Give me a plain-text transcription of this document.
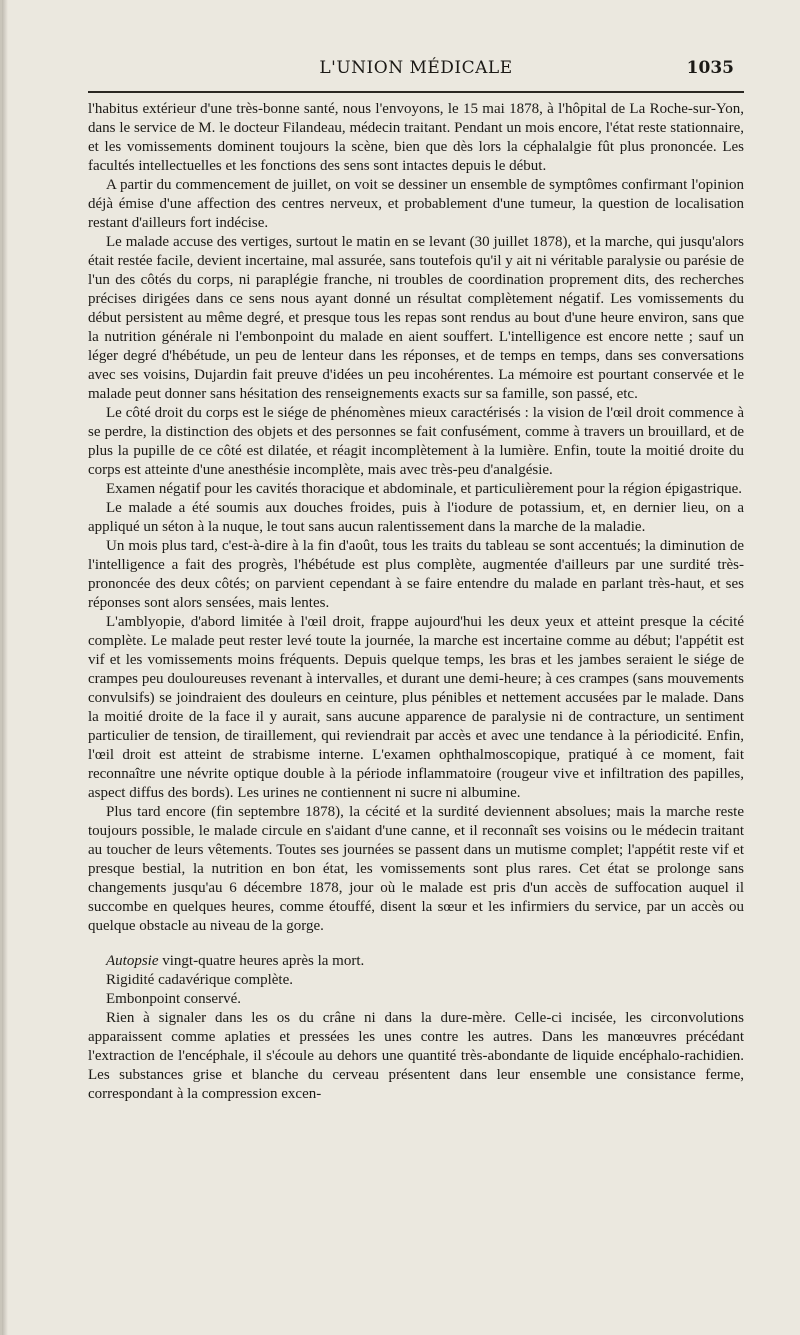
L'UNION MÉDICALE	1035

l'habitus extérieur d'une très-bonne santé, nous l'envoyons, le 15 mai 1878, à l'hôpital de La Roche-sur-Yon, dans le service de M. le docteur Filandeau, médecin traitant. Pendant un mois encore, l'état reste stationnaire, et les vomissements dominent toujours la scène, bien que dès lors la céphalalgie fût plus prononcée. Les facultés intellectuelles et les fonctions des sens sont intactes depuis le début.

A partir du commencement de juillet, on voit se dessiner un ensemble de symptômes confirmant l'opinion déjà émise d'une affection des centres nerveux, et probablement d'une tumeur, la question de localisation restant d'ailleurs fort indécise.

Le malade accuse des vertiges, surtout le matin en se levant (30 juillet 1878), et la marche, qui jusqu'alors était restée facile, devient incertaine, mal assurée, sans toutefois qu'il y ait ni véritable paralysie ou parésie de l'un des côtés du corps, ni paraplégie franche, ni troubles de coordination proprement dits, des recherches précises dirigées dans ce sens nous ayant donné un résultat complètement négatif. Les vomissements du début persistent au même degré, et presque tous les repas sont rendus au bout d'une heure environ, sans que la nutrition générale ni l'embonpoint du malade en aient souffert. L'intelligence est encore nette ; sauf un léger degré d'hébétude, un peu de lenteur dans les réponses, et de temps en temps, dans ses conversations avec ses voisins, Dujardin fait preuve d'idées un peu incohérentes. La mémoire est pourtant conservée et le malade peut donner sans hésitation des renseignements exacts sur sa famille, son passé, etc.

Le côté droit du corps est le siége de phénomènes mieux caractérisés : la vision de l'œil droit commence à se perdre, la distinction des objets et des personnes se fait confusément, comme à travers un brouillard, et de plus la pupille de ce côté est dilatée, et réagit incomplètement à la lumière. Enfin, toute la moitié droite du corps est atteinte d'une anesthésie incomplète, mais avec très-peu d'analgésie.

Examen négatif pour les cavités thoracique et abdominale, et particulièrement pour la région épigastrique.

Le malade a été soumis aux douches froides, puis à l'iodure de potassium, et, en dernier lieu, on a appliqué un séton à la nuque, le tout sans aucun ralentissement dans la marche de la maladie.

Un mois plus tard, c'est-à-dire à la fin d'août, tous les traits du tableau se sont accentués; la diminution de l'intelligence a fait des progrès, l'hébétude est plus complète, augmentée d'ailleurs par une surdité très-prononcée des deux côtés; on parvient cependant à se faire entendre du malade en parlant très-haut, et ses réponses sont alors sensées, mais lentes.

L'amblyopie, d'abord limitée à l'œil droit, frappe aujourd'hui les deux yeux et atteint presque la cécité complète. Le malade peut rester levé toute la journée, la marche est incertaine comme au début; l'appétit est vif et les vomissements moins fréquents. Depuis quelque temps, les bras et les jambes seraient le siége de crampes peu douloureuses revenant à intervalles, et durant une demi-heure; à ces crampes (sans mouvements convulsifs) se joindraient des douleurs en ceinture, plus pénibles et nettement accusées par le malade. Dans la moitié droite de la face il y aurait, sans aucune apparence de paralysie ni de contracture, un sentiment particulier de tension, de tiraillement, qui reviendrait par accès et avec une tendance à la périodicité. Enfin, l'œil droit est atteint de strabisme interne. L'examen ophthalmoscopique, pratiqué à ce moment, fait reconnaître une névrite optique double à la période inflammatoire (rougeur vive et infiltration des papilles, aspect diffus des bords). Les urines ne contiennent ni sucre ni albumine.

Plus tard encore (fin septembre 1878), la cécité et la surdité deviennent absolues; mais la marche reste toujours possible, le malade circule en s'aidant d'une canne, et il reconnaît ses voisins ou le médecin traitant au toucher de leurs vêtements. Toutes ses journées se passent dans un mutisme complet; l'appétit reste vif et presque bestial, la nutrition en bon état, les vomissements sont plus rares. Cet état se prolonge sans changements jusqu'au 6 décembre 1878, jour où le malade est pris d'un accès de suffocation auquel il succombe en quelques heures, comme étouffé, disent la sœur et les infirmiers du service, par un accès ou quelque obstacle au niveau de la gorge.

Autopsie vingt-quatre heures après la mort.

Rigidité cadavérique complète.

Embonpoint conservé.

Rien à signaler dans les os du crâne ni dans la dure-mère. Celle-ci incisée, les circonvolutions apparaissent comme aplaties et pressées les unes contre les autres. Dans les manœuvres précédant l'extraction de l'encéphale, il s'écoule au dehors une quantité très-abondante de liquide encéphalo-rachidien. Les substances grise et blanche du cerveau présentent dans leur ensemble une consistance ferme, correspondant à la compression excen-
